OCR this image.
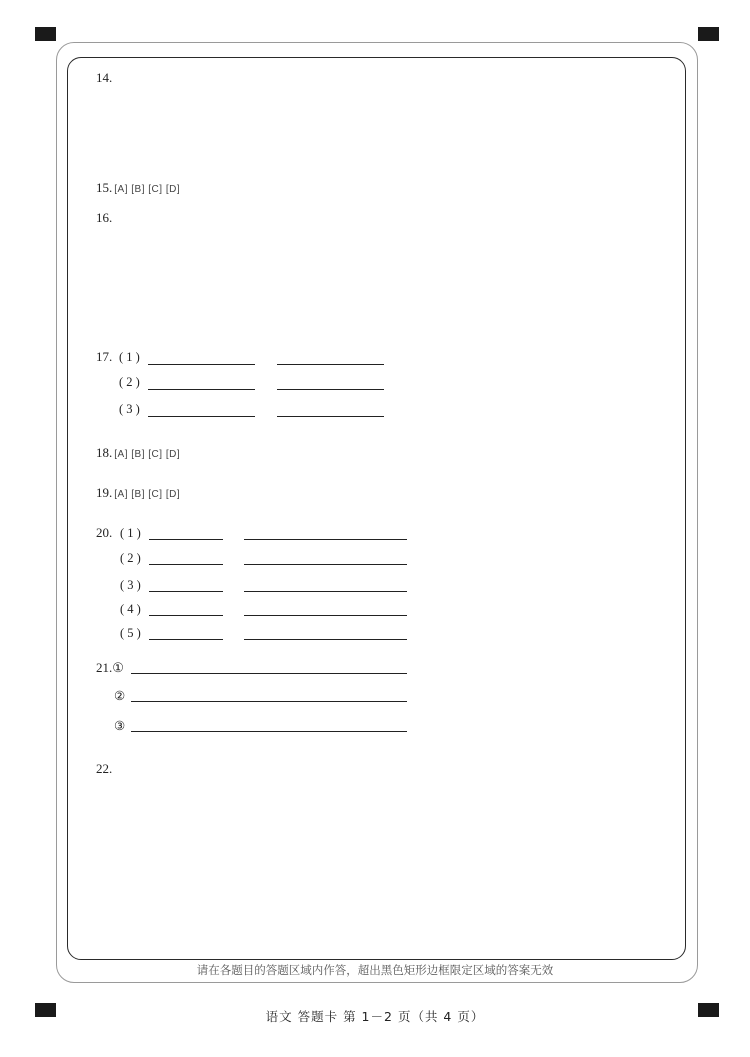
14.
15. [A] [B] [C] [D]
16.
17. ( 1 )
( 2 )
( 3 )
18. [A] [B] [C] [D]
19. [A] [B] [C] [D]
20. ( 1 )
( 2 )
( 3 )
( 4 )
( 5 )
21.①
②
③
22.
请在各题目的答题区域内作答，超出黑色矩形边框限定区域的答案无效
语文 答题卡 第 1－2 页（共 4 页）
